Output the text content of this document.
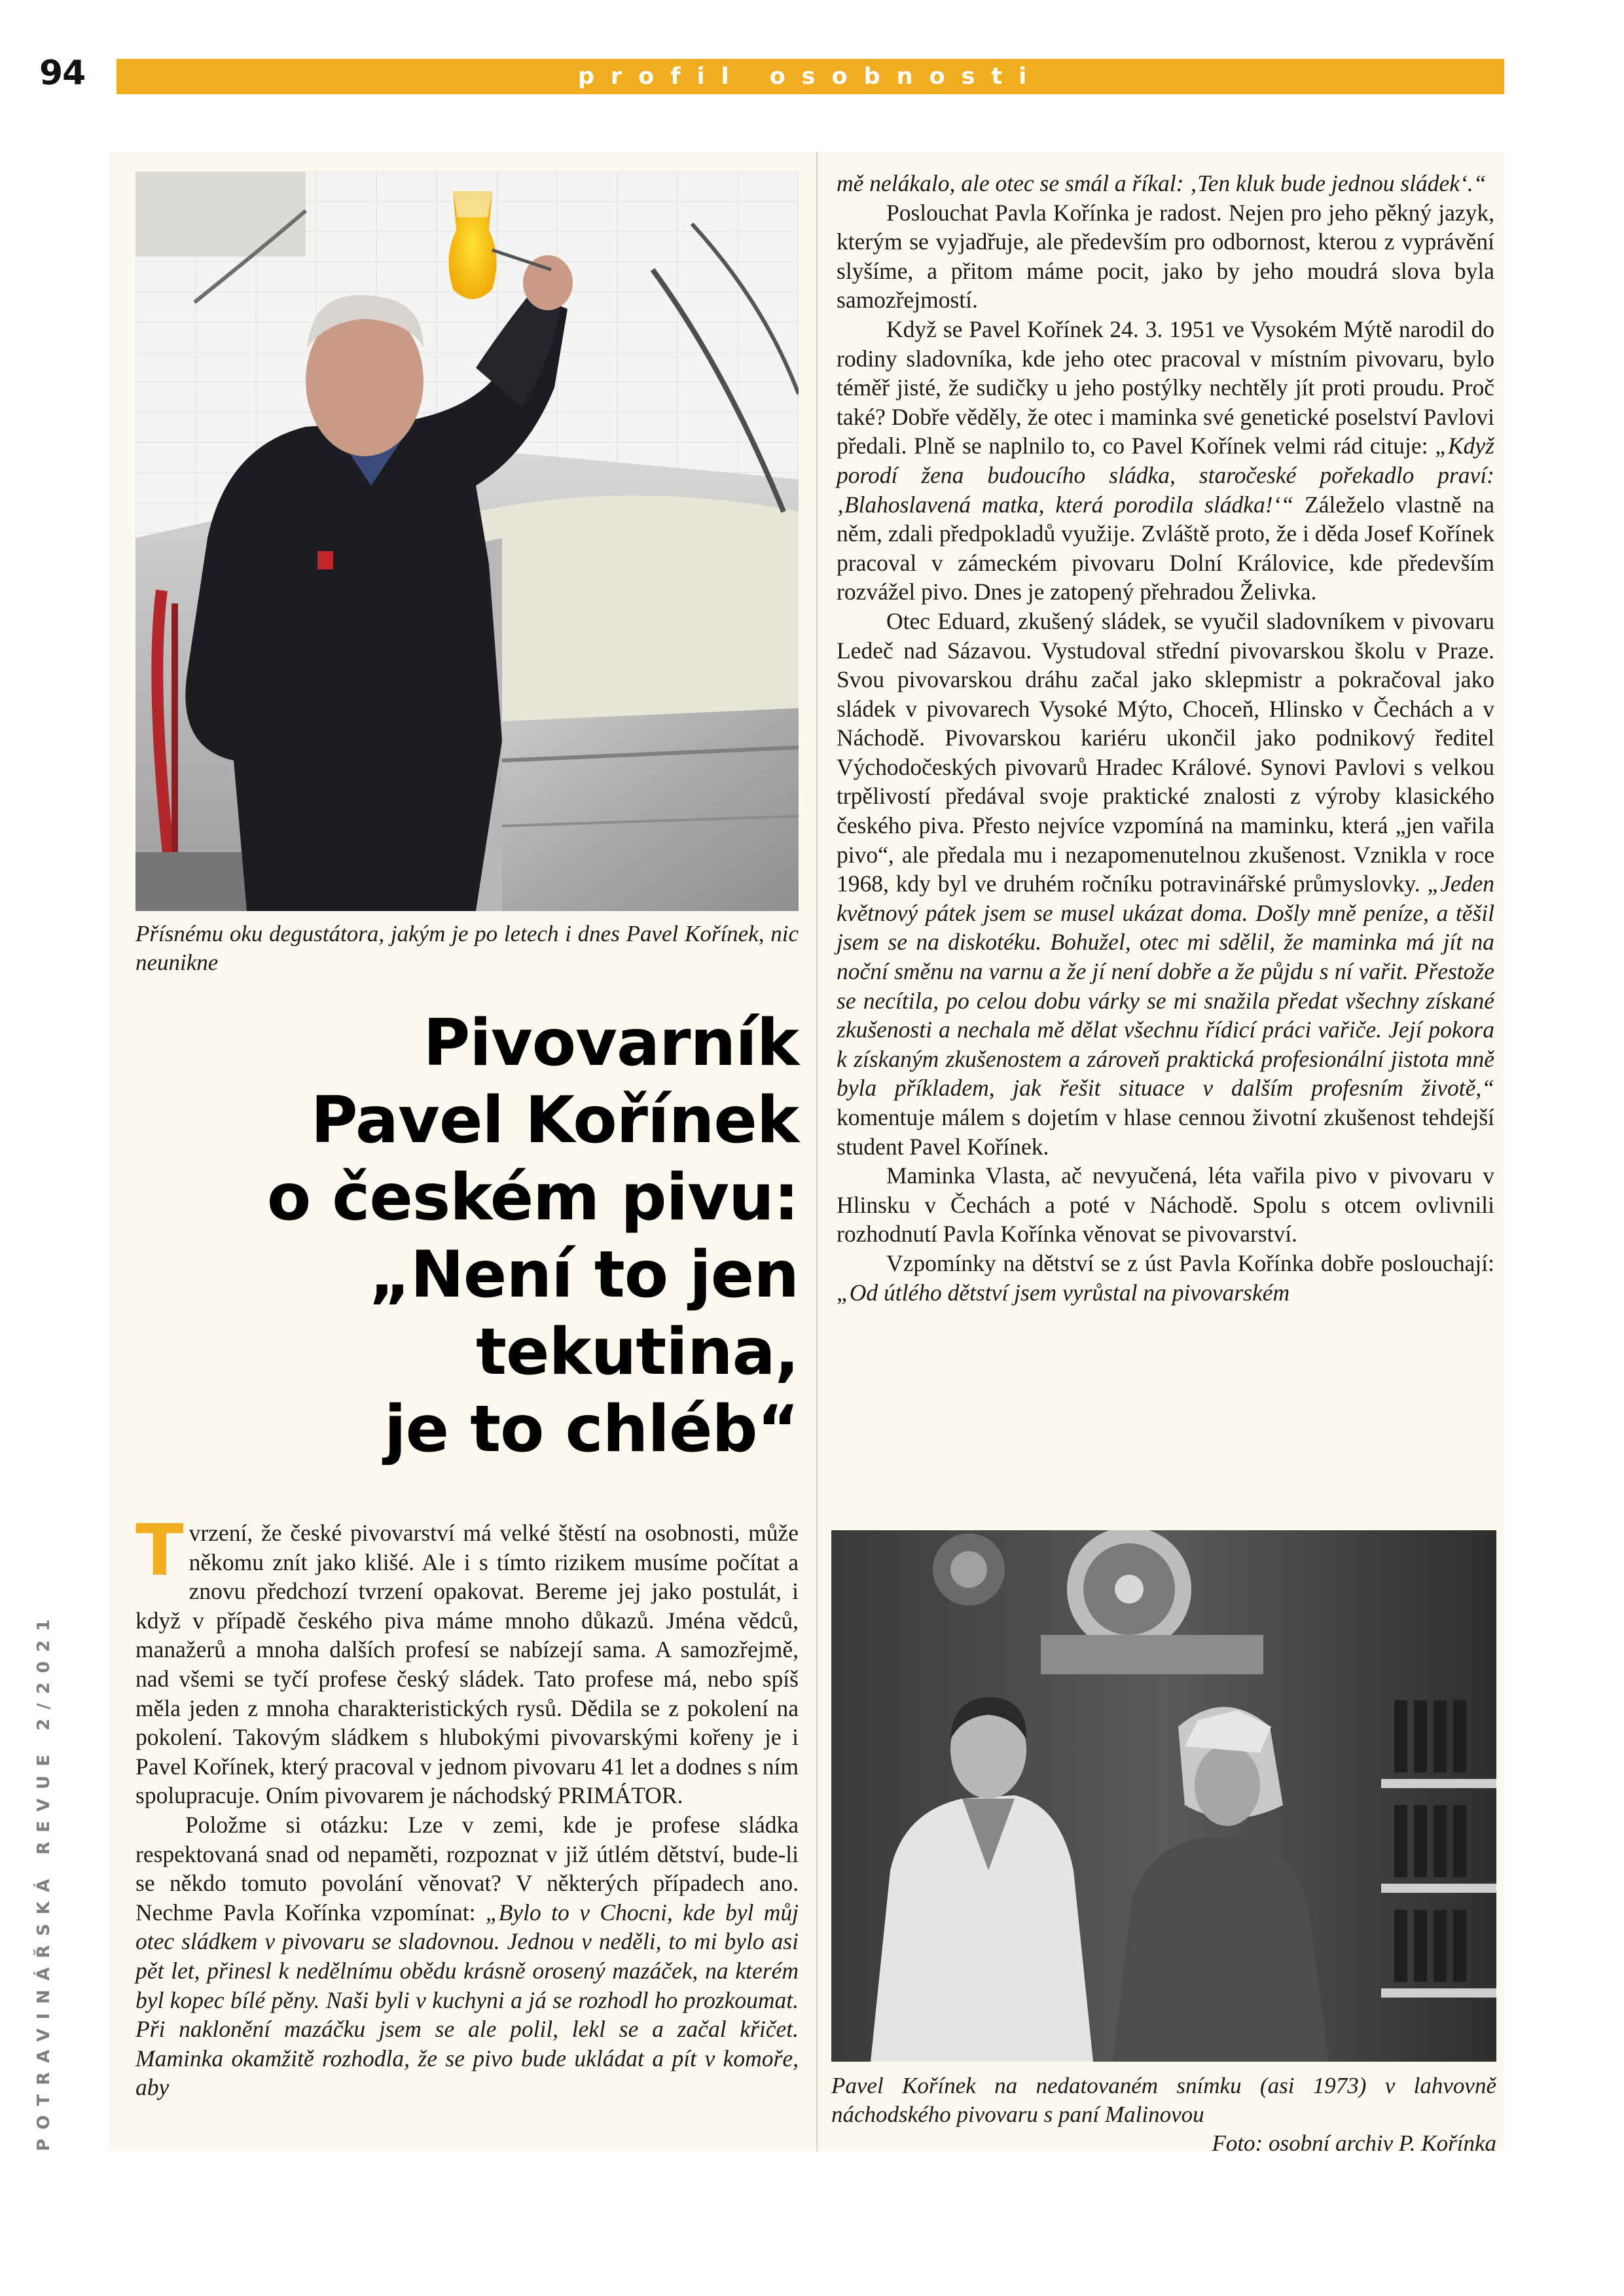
94	profil osobnosti
POTRAVINÁŘSKÁ REVUE 2/2021
Přísnému oku degustátora, jakým je po letech i dnes Pavel Kořínek, nic neunikne
Pivovarník
Pavel Kořínek
o českém pivu:
„Není to jen
tekutina,
je to chléb“

Tvrzení, že české pivovarství má velké štěstí na osobnosti, může někomu znít jako klišé. Ale i s tímto rizikem musíme počítat a znovu předchozí tvrzení opakovat. Bereme jej jako postulát, i když v případě českého piva máme mnoho důkazů. Jména vědců, manažerů a mnoha dalších profesí se nabízejí sama. A samozřejmě, nad všemi se tyčí profese český sládek. Tato profese má, nebo spíš měla jeden z mnoha charakteristických rysů. Dědila se z pokolení na pokolení. Takovým sládkem s hlubokými pivovarskými kořeny je i Pavel Kořínek, který pracoval v jednom pivovaru 41 let a dodnes s ním spolupracuje. Oním pivovarem je náchodský PRIMÁTOR.

Položme si otázku: Lze v zemi, kde je profese sládka respektovaná snad od nepaměti, rozpoznat v již útlém dětství, bude-li se někdo tomuto povolání věnovat? V některých případech ano. Nechme Pavla Kořínka vzpomínat: „Bylo to v Chocni, kde byl můj otec sládkem v pivovaru se sladovnou. Jednou v neděli, to mi bylo asi pět let, přinesl k nedělnímu obědu krásně orosený mazáček, na kterém byl kopec bílé pěny. Naši byli v kuchyni a já se rozhodl ho prozkoumat. Při naklonění mazáčku jsem se ale polil, lekl se a začal křičet. Maminka okamžitě rozhodla, že se pivo bude ukládat a pít v komoře, aby

mě nelákalo, ale otec se smál a říkal: ‚Ten kluk bude jednou sládek‘.“

Poslouchat Pavla Kořínka je radost. Nejen pro jeho pěkný jazyk, kterým se vyjadřuje, ale především pro odbornost, kterou z vyprávění slyšíme, a přitom máme pocit, jako by jeho moudrá slova byla samozřejmostí.

Když se Pavel Kořínek 24. 3. 1951 ve Vysokém Mýtě narodil do rodiny sladovníka, kde jeho otec pracoval v místním pivovaru, bylo téměř jisté, že sudičky u jeho postýlky nechtěly jít proti proudu. Proč také? Dobře věděly, že otec i maminka své genetické poselství Pavlovi předali. Plně se naplnilo to, co Pavel Kořínek velmi rád cituje: „Když porodí žena budoucího sládka, staročeské pořekadlo praví: ‚Blahoslavená matka, která porodila sládka!‘“ Záleželo vlastně na něm, zdali předpokladů využije. Zvláště proto, že i děda Josef Kořínek pracoval v zámeckém pivovaru Dolní Královice, kde především rozvážel pivo. Dnes je zatopený přehradou Želivka.

Otec Eduard, zkušený sládek, se vyučil sladovníkem v pivovaru Ledeč nad Sázavou. Vystudoval střední pivovarskou školu v Praze. Svou pivovarskou dráhu začal jako sklepmistr a pokračoval jako sládek v pivovarech Vysoké Mýto, Choceň, Hlinsko v Čechách a v Náchodě. Pivovarskou kariéru ukončil jako podnikový ředitel Východočeských pivovarů Hradec Králové. Synovi Pavlovi s velkou trpělivostí předával svoje praktické znalosti z výroby klasického českého piva. Přesto nejvíce vzpomíná na maminku, která „jen vařila pivo“, ale předala mu i nezapomenutelnou zkušenost. Vznikla v roce 1968, kdy byl ve druhém ročníku potravinářské průmyslovky. „Jeden květnový pátek jsem se musel ukázat doma. Došly mně peníze, a těšil jsem se na diskotéku. Bohužel, otec mi sdělil, že maminka má jít na noční směnu na varnu a že jí není dobře a že půjdu s ní vařit. Přestože se necítila, po celou dobu várky se mi snažila předat všechny získané zkušenosti a nechala mě dělat všechnu řídicí práci vařiče. Její pokora k získaným zkušenostem a zároveň praktická profesionální jistota mně byla příkladem, jak řešit situace v dalším profesním životě,“ komentuje málem s dojetím v hlase cennou životní zkušenost tehdejší student Pavel Kořínek.

Maminka Vlasta, ač nevyučená, léta vařila pivo v pivovaru v Hlinsku v Čechách a poté v Náchodě. Spolu s otcem ovlivnili rozhodnutí Pavla Kořínka věnovat se pivovarství.

Vzpomínky na dětství se z úst Pavla Kořínka dobře poslouchají: „Od útlého dětství jsem vyrůstal na pivovarském

Pavel Kořínek na nedatovaném snímku (asi 1973) v lahvovně náchodského pivovaru s paní Malinovou
Foto: osobní archiv P. Kořínka
